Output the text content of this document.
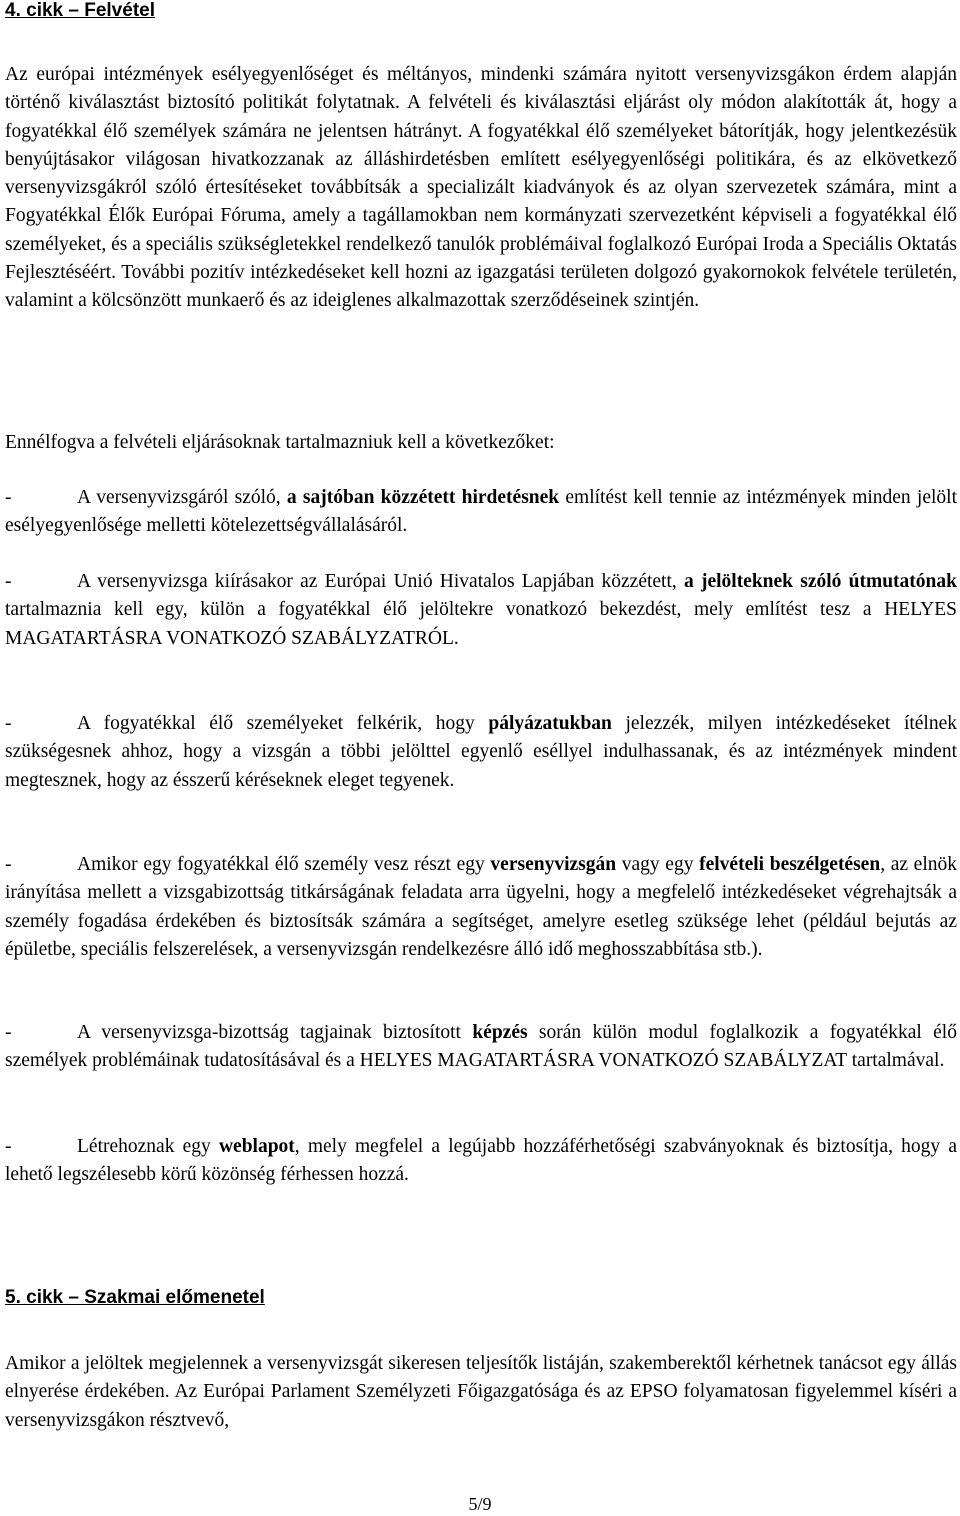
4. cikk – Felvétel

Az európai intézmények esélyegyenlőséget és méltányos, mindenki számára nyitott versenyvizsgákon érdem alapján történő kiválasztást biztosító politikát folytatnak. A felvételi és kiválasztási eljárást oly módon alakították át, hogy a fogyatékkal élő személyek számára ne jelentsen hátrányt. A fogyatékkal élő személyeket bátorítják, hogy jelentkezésük benyújtásakor világosan hivatkozzanak az álláshirdetésben említett esélyegyenlőségi politikára, és az elkövetkező versenyvizsgákról szóló értesítéseket továbbítsák a specializált kiadványok és az olyan szervezetek számára, mint a Fogyatékkal Élők Európai Fóruma, amely a tagállamokban nem kormányzati szervezetként képviseli a fogyatékkal élő személyeket, és a speciális szükségletekkel rendelkező tanulók problémáival foglalkozó Európai Iroda a Speciális Oktatás Fejlesztéséért. További pozitív intézkedéseket kell hozni az igazgatási területen dolgozó gyakornokok felvétele területén, valamint a kölcsönzött munkaerő és az ideiglenes alkalmazottak szerződéseinek szintjén.

Ennélfogva a felvételi eljárásoknak tartalmazniuk kell a következőket:

-	A versenyvizsgáról szóló, a sajtóban közzétett hirdetésnek említést kell tennie az intézmények minden jelölt esélyegyenlősége melletti kötelezettségvállalásáról.

-	A versenyvizsga kiírásakor az Európai Unió Hivatalos Lapjában közzétett, a jelölteknek szóló útmutatónak tartalmaznia kell egy, külön a fogyatékkal élő jelöltekre vonatkozó bekezdést, mely említést tesz a HELYES MAGATARTÁSRA VONATKOZÓ SZABÁLYZATRÓL.

-	A fogyatékkal élő személyeket felkérik, hogy pályázatukban jelezzék, milyen intézkedéseket ítélnek szükségesnek ahhoz, hogy a vizsgán a többi jelölttel egyenlő eséllyel indulhassanak, és az intézmények mindent megtesznek, hogy az ésszerű kéréseknek eleget tegyenek.

-	Amikor egy fogyatékkal élő személy vesz részt egy versenyvizsgán vagy egy felvételi beszélgetésen, az elnök irányítása mellett a vizsgabizottság titkárságának feladata arra ügyelni, hogy a megfelelő intézkedéseket végrehajtsák a személy fogadása érdekében és biztosítsák számára a segítséget, amelyre esetleg szüksége lehet (például bejutás az épületbe, speciális felszerelések, a versenyvizsgán rendelkezésre álló idő meghosszabbítása stb.).

-	A versenyvizsga-bizottság tagjainak biztosított képzés során külön modul foglalkozik a fogyatékkal élő személyek problémáinak tudatosításával és a HELYES MAGATARTÁSRA VONATKOZÓ SZABÁLYZAT tartalmával.

-	Létrehoznak egy weblapot, mely megfelel a legújabb hozzáférhetőségi szabványoknak és biztosítja, hogy a lehető legszélesebb körű közönség férhessen hozzá.

5. cikk – Szakmai előmenetel

Amikor a jelöltek megjelennek a versenyvizsgát sikeresen teljesítők listáján, szakemberektől kérhetnek tanácsot egy állás elnyerése érdekében. Az Európai Parlament Személyzeti Főigazgatósága és az EPSO folyamatosan figyelemmel kíséri a versenyvizsgákon résztvevő,

5/9
